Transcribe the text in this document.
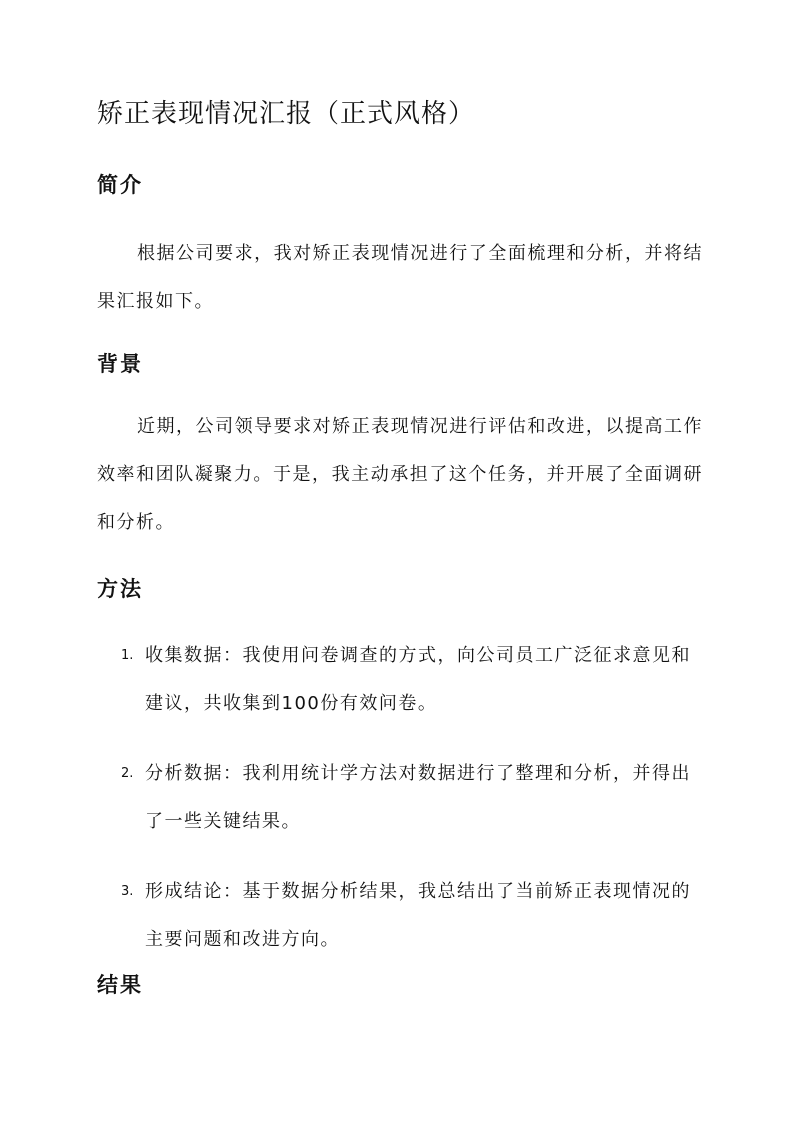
矫正表现情况汇报（正式风格）
简介

根据公司要求，我对矫正表现情况进行了全面梳理和分析，并将结果汇报如下。

背景

近期，公司领导要求对矫正表现情况进行评估和改进，以提高工作效率和团队凝聚力。于是，我主动承担了这个任务，并开展了全面调研和分析。

方法
1. 收集数据：我使用问卷调查的方式，向公司员工广泛征求意见和建议，共收集到100份有效问卷。
2. 分析数据：我利用统计学方法对数据进行了整理和分析，并得出了一些关键结果。
3. 形成结论：基于数据分析结果，我总结出了当前矫正表现情况的主要问题和改进方向。
结果
